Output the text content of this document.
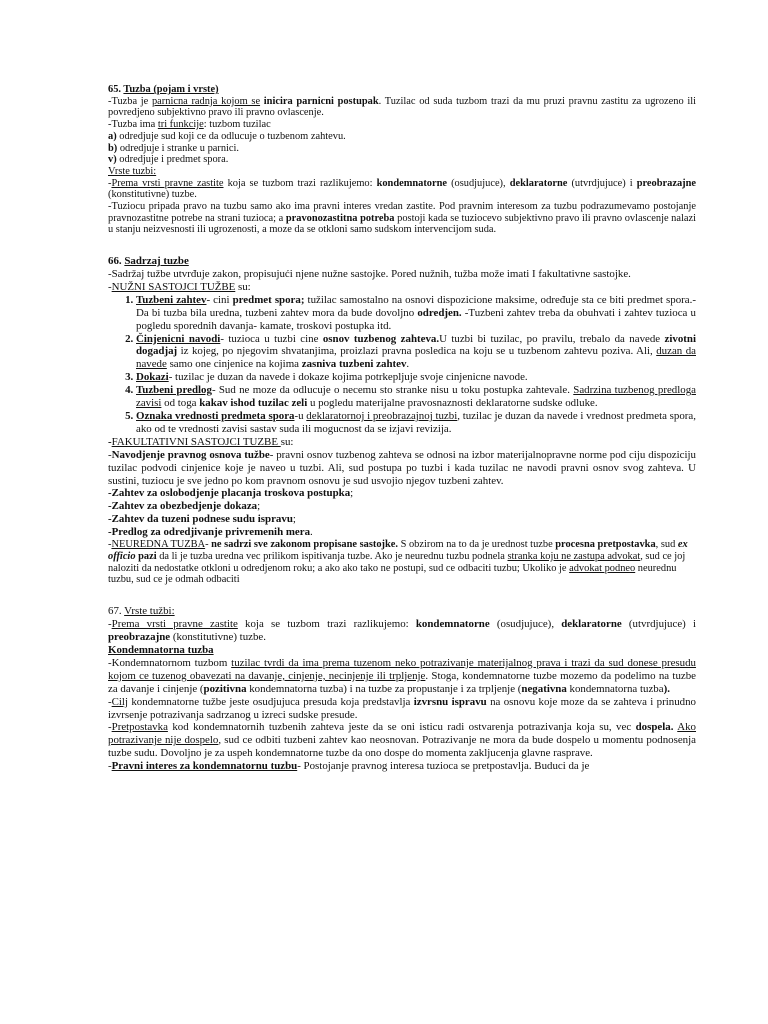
65. Tuzba (pojam i vrste)

-Tuzba je parnicna radnja kojom se inicira parnicni postupak. Tuzilac od suda tuzbom trazi da mu pruzi pravnu zastitu za ugrozeno ili povredjeno subjektivno pravo ili pravno ovlascenje.

-Tuzba ima tri funkcije: tuzbom tuzilac

a) odredjuje sud koji ce da odlucuje o tuzbenom zahtevu.

b) odredjuje i stranke u parnici.

v) odredjuje i predmet spora.

Vrste tuzbi:

-Prema vrsti pravne zastite koja se tuzbom trazi razlikujemo: kondemnatorne (osudjujuce), deklaratorne (utvrdjujuce) i preobrazajne (konstitutivne) tuzbe.

-Tuziocu pripada pravo na tuzbu samo ako ima pravni interes vredan zastite. Pod pravnim interesom za tuzbu podrazumevamo postojanje pravnozastitne potrebe na strani tuzioca; a pravonozastitna potreba postoji kada se tuziocevo subjektivno pravo ili pravno ovlascenje nalazi u stanju neizvesnosti ili ugrozenosti, a moze da se otkloni samo sudskom intervencijom suda.

66. Sadrzaj tuzbe

-Sadržaj tužbe utvrđuje zakon, propisujući njene nužne sastojke. Pored nužnih, tužba može imati I fakultativne sastojke.

-NUŽNI SASTOJCI TUŽBE su:

1. Tuzbeni zahtev- cini predmet spora; tužilac samostalno na osnovi dispozicione maksime, određuje sta ce biti predmet spora.-Da bi tuzba bila uredna, tuzbeni zahtev mora da bude dovoljno odredjen. -Tuzbeni zahtev treba da obuhvati i zahtev tuzioca u pogledu sporednih davanja- kamate, troskovi postupka itd.
2. Činjenicni navodi- tuzioca u tuzbi cine osnov tuzbenog zahteva.U tuzbi bi tuzilac, po pravilu, trebalo da navede zivotni dogadjaj iz kojeg, po njegovim shvatanjima, proizlazi pravna posledica na koju se u tuzbenom zahtevu poziva. Ali, duzan da navede samo one cinjenice na kojima zasniva tuzbeni zahtev.
3. Dokazi- tuzilac je duzan da navede i dokaze kojima potrkepljuje svoje cinjenicne navode.
4. Tuzbeni predlog- Sud ne moze da odlucuje o necemu sto stranke nisu u toku postupka zahtevale. Sadrzina tuzbenog predloga zavisi od toga kakav ishod tuzilac zeli u pogledu materijalne pravosnaznosti deklaratorne sudske odluke.
5. Oznaka vrednosti predmeta spora-u deklaratornoj i preobrazajnoj tuzbi, tuzilac je duzan da navede i vrednost predmeta spora, ako od te vrednosti zavisi sastav suda ili mogucnost da se izjavi revizija.

-FAKULTATIVNI SASTOJCI TUZBE su:

-Navodjenje pravnog osnova tužbe- pravni osnov tuzbenog zahteva se odnosi na izbor materijalnopravne norme pod ciju dispoziciju tuzilac podvodi cinjenice koje je naveo u tuzbi. Ali, sud postupa po tuzbi i kada tuzilac ne navodi pravni osnov svog zahteva. U sustini, tuziocu je sve jedno po kom pravnom osnovu je sud usvojio njegov tuzbeni zahtev.

-Zahtev za oslobodjenje placanja troskova postupka;

-Zahtev za obezbedjenje dokaza;

-Zahtev da tuzeni podnese sudu ispravu;

-Predlog za odredjivanje privremenih mera.

-NEUREDNA TUZBA- ne sadrzi sve zakonom propisane sastojke. S obzirom na to da je urednost tuzbe procesna pretpostavka, sud ex officio pazi da li je tuzba uredna vec prilikom ispitivanja tuzbe. Ako je neurednu tuzbu podnela stranka koju ne zastupa advokat, sud ce joj naloziti da nedostatke otkloni u odredjenom roku; a ako ako tako ne postupi, sud ce odbaciti tuzbu; Ukoliko je advokat podneo neurednu tuzbu, sud ce je odmah odbaciti

67. Vrste tužbi:

-Prema vrsti pravne zastite koja se tuzbom trazi razlikujemo: kondemnatorne (osudjujuce), deklaratorne (utvrdjujuce) i preobrazajne (konstitutivne) tuzbe.

Kondemnatorna tuzba

-Kondemnatornom tuzbom tuzilac tvrdi da ima prema tuzenom neko potrazivanje materijalnog prava i trazi da sud donese presudu kojom ce tuzenog obavezati na davanje, cinjenje, necinjenje ili trpljenje. Stoga, kondemnatorne tuzbe mozemo da podelimo na tuzbe za davanje i cinjenje (pozitivna kondemnatorna tuzba) i na tuzbe za propustanje i za trpljenje (negativna kondemnatorna tuzba).

-Cilj kondemnatorne tužbe jeste osudjujuca presuda koja predstavlja izvrsnu ispravu na osnovu koje moze da se zahteva i prinudno izvrsenje potrazivanja sadrzanog u izreci sudske presude.

-Pretpostavka kod kondemnatornih tuzbenih zahteva jeste da se oni isticu radi ostvarenja potrazivanja koja su, vec dospela. Ako potrazivanje nije dospelo, sud ce odbiti tuzbeni zahtev kao neosnovan. Potrazivanje ne mora da bude dospelo u momentu podnosenja tuzbe sudu. Dovoljno je za uspeh kondemnatorne tuzbe da ono dospe do momenta zakljucenja glavne rasprave.

-Pravni interes za kondemnatornu tuzbu- Postojanje pravnog interesa tuzioca se pretpostavlja. Buduci da je
